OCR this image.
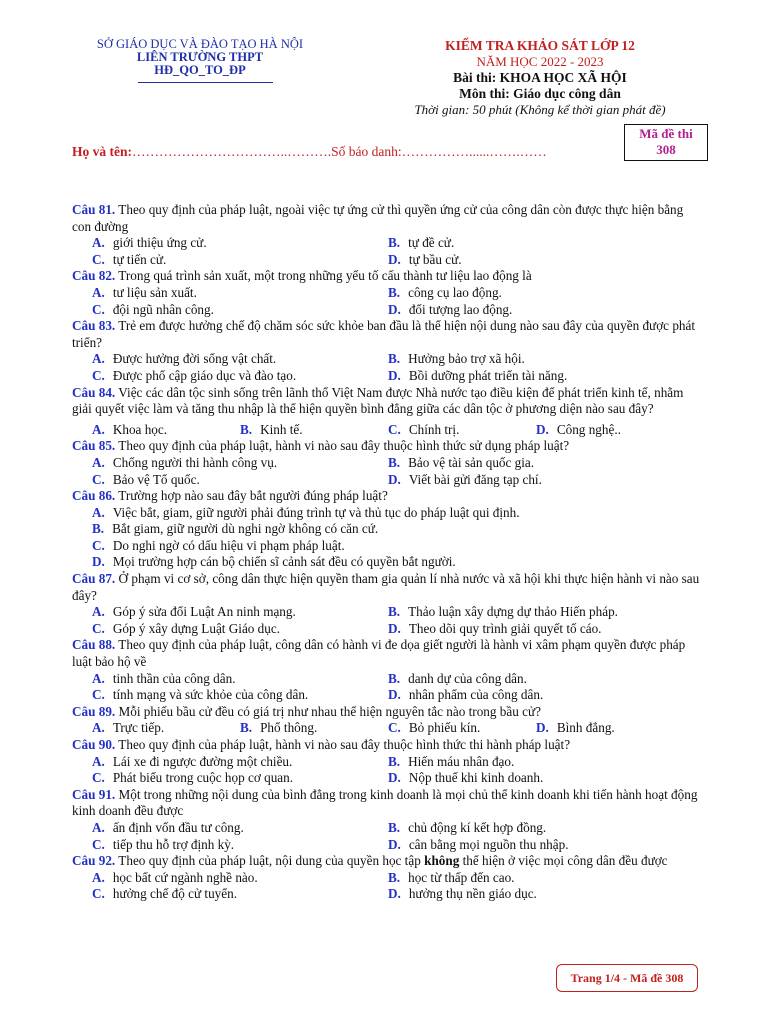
SỞ GIÁO DỤC VÀ ĐÀO TẠO HÀ NỘI
LIÊN TRƯỜNG THPT
HĐ_QO_TO_ĐP
KIỂM TRA KHẢO SÁT LỚP 12
NĂM HỌC 2022 - 2023
Bài thi: KHOA HỌC XÃ HỘI
Môn thi: Giáo dục công dân
Thời gian: 50 phút (Không kể thời gian phát đề)
Mã đề thi
308
Họ và tên:……………………………..……….Số báo danh:……………......…….……

Câu 81. Theo quy định của pháp luật, ngoài việc tự ứng cử thì quyền ứng cử của công dân còn được thực hiện bằng con đường

A. giới thiệu ứng cử.	B. tự đề cử.
C. tự tiến cử.	D. tự bầu cử.

Câu 82. Trong quá trình sản xuất, một trong những yếu tố cấu thành tư liệu lao động là

A. tư liệu sản xuất.	B. công cụ lao động.
C. đội ngũ nhân công.	D. đối tượng lao động.

Câu 83. Trẻ em được hưởng chế độ chăm sóc sức khỏe ban đầu là thể hiện nội dung nào sau đây của quyền được phát triển?

A. Được hưởng đời sống vật chất.	B. Hưởng bảo trợ xã hội.
C. Được phổ cập giáo dục và đào tạo.	D. Bồi dưỡng phát triển tài năng.

Câu 84. Việc các dân tộc sinh sống trên lãnh thổ Việt Nam được Nhà nước tạo điều kiện để phát triển kinh tế, nhằm giải quyết việc làm và tăng thu nhập là thể hiện quyền bình đẳng giữa các dân tộc ở phương diện nào sau đây?

A. Khoa học.	B. Kinh tế.	C. Chính trị.	D. Công nghệ..

Câu 85. Theo quy định của pháp luật, hành vi nào sau đây thuộc hình thức sử dụng pháp luật?

A. Chống người thi hành công vụ.	B. Bảo vệ tài sản quốc gia.
C. Bảo vệ Tổ quốc.	D. Viết bài gửi đăng tạp chí.

Câu 86. Trường hợp nào sau đây bắt người đúng pháp luật?

A. Việc bắt, giam, giữ người phải đúng trình tự và thủ tục do pháp luật qui định.
B. Bắt giam, giữ người dù nghi ngờ không có căn cứ.
C. Do nghi ngờ có dấu hiệu vi phạm pháp luật.
D. Mọi trường hợp cán bộ chiến sĩ cảnh sát đều có quyền bắt người.

Câu 87. Ở phạm vi cơ sở, công dân thực hiện quyền tham gia quản lí nhà nước và xã hội khi thực hiện hành vi nào sau đây?

A. Góp ý sửa đổi Luật An ninh mạng.	B. Thảo luận xây dựng dự thảo Hiến pháp.
C. Góp ý xây dựng Luật Giáo dục.	D. Theo dõi quy trình giải quyết tố cáo.

Câu 88. Theo quy định của pháp luật, công dân có hành vi đe dọa giết người là hành vi xâm phạm quyền được pháp luật bảo hộ về

A. tinh thần của công dân.	B. danh dự của công dân.
C. tính mạng và sức khỏe của công dân.	D. nhân phẩm của công dân.

Câu 89. Mỗi phiếu bầu cử đều có giá trị như nhau thể hiện nguyên tắc nào trong bầu cử?

A. Trực tiếp.	B. Phổ thông.	C. Bỏ phiếu kín.	D. Bình đẳng.

Câu 90. Theo quy định của pháp luật, hành vi nào sau đây thuộc hình thức thi hành pháp luật?

A. Lái xe đi ngược đường một chiều.	B. Hiến máu nhân đạo.
C. Phát biểu trong cuộc họp cơ quan.	D. Nộp thuế khi kinh doanh.

Câu 91. Một trong những nội dung của bình đẳng trong kinh doanh là mọi chủ thể kinh doanh khi tiến hành hoạt động kinh doanh đều được

A. ấn định vốn đầu tư công.	B. chủ động kí kết hợp đồng.
C. tiếp thu hỗ trợ định kỳ.	D. cân bằng mọi nguồn thu nhập.

Câu 92. Theo quy định của pháp luật, nội dung của quyền học tập không thể hiện ở việc mọi công dân đều được

A. học bất cứ ngành nghề nào.	B. học từ thấp đến cao.
C. hưởng chế độ cử tuyển.	D. hưởng thụ nền giáo dục.
Trang 1/4 - Mã đề 308
